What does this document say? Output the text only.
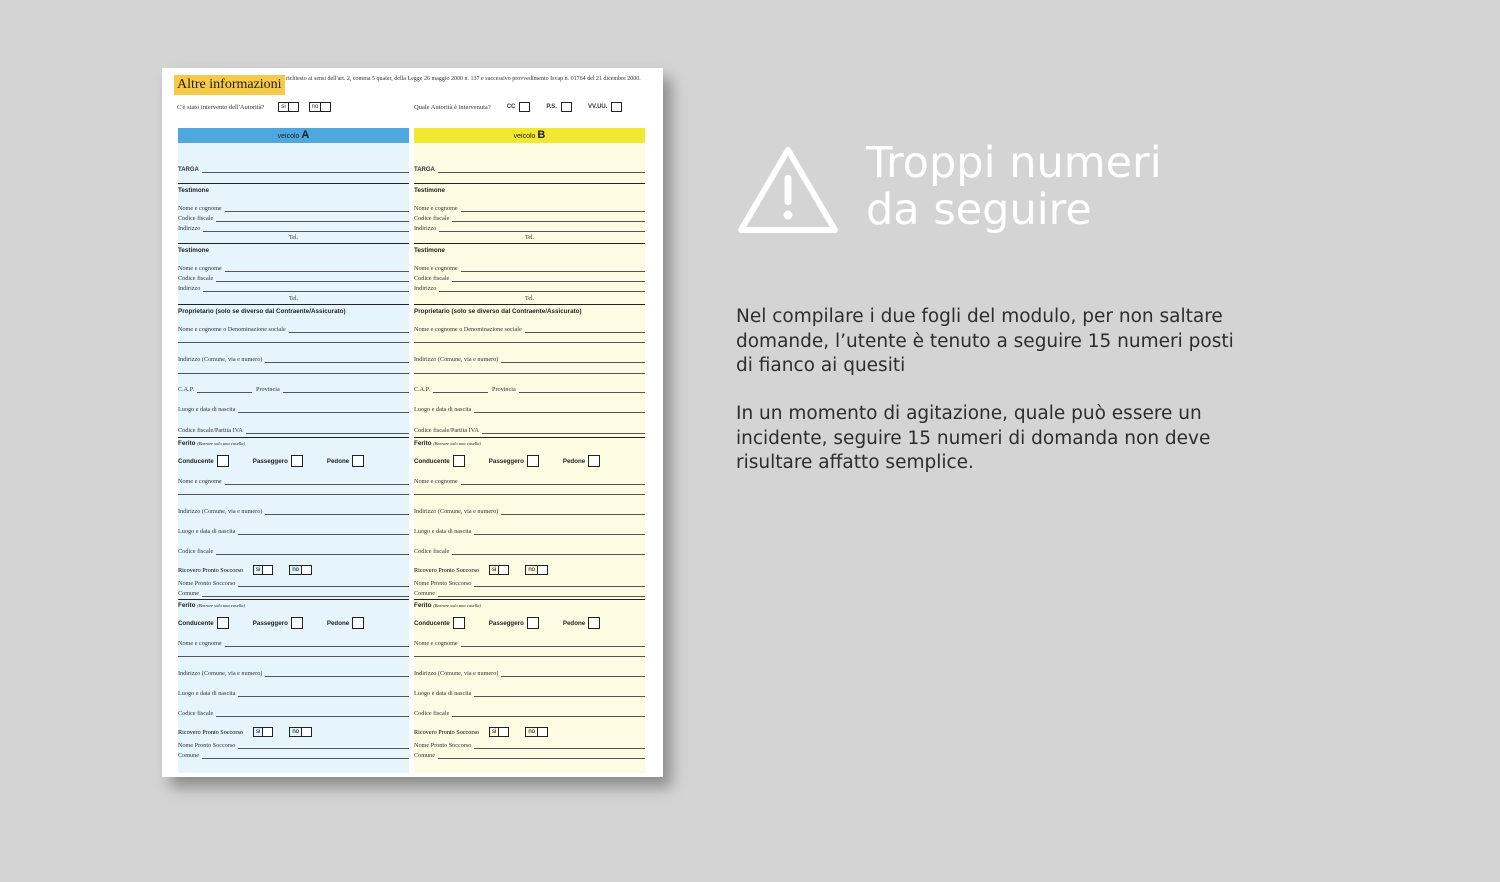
Altre informazioni richiesto ai sensi dell'art. 2, comma 5 quater, della Legge 26 maggio 2000 n. 137 e successivo provvedimento Isvap n. 01764 del 21 dicembre 2000.
C'è stato intervento dell'Autorità?	si	no	Quale Autorità è intervenuta?	CC	P.S.	VV.UU.
veicolo A
TARGA
Testimone
Nome e cognome
Codice fiscale
Indirizzo
Tel.
Testimone
Nome e cognome
Codice fiscale
Indirizzo
Tel.
Proprietario (solo se diverso dal Contraente/Assicurato)
Nome e cognome o Denominazione sociale
Indirizzo (Comune, via e numero)
C.A.P.	Provincia
Luogo e data di nascita
Codice fiscale/Partita IVA
Ferito (Barrare solo una casella)
Conducente	Passeggero	Pedone
Nome e cognome
Indirizzo (Comune, via e numero)
Luogo e data di nascita
Codice fiscale
Ricovero Pronto Soccorso si	no
Nome Pronto Soccorso
Comune
Ferito (Barrare solo una casella)
Conducente	Passeggero	Pedone
Nome e cognome
Indirizzo (Comune, via e numero)
Luogo e data di nascita
Codice fiscale
Ricovero Pronto Soccorso si	no
Nome Pronto Soccorso
Comune
veicolo B
TARGA
Testimone
Nome e cognome
Codice fiscale
Indirizzo
Tel.
Testimone
Nome e cognome
Codice fiscale
Indirizzo
Tel.
Proprietario (solo se diverso dal Contraente/Assicurato)
Nome e cognome o Denominazione sociale
Indirizzo (Comune, via e numero)
C.A.P.	Provincia
Luogo e data di nascita
Codice fiscale/Partita IVA
Ferito (Barrare solo una casella)
Conducente	Passeggero	Pedone
Nome e cognome
Indirizzo (Comune, via e numero)
Luogo e data di nascita
Codice fiscale
Ricovero Pronto Soccorso si	no
Nome Pronto Soccorso
Comune
Ferito (Barrare solo una casella)
Conducente	Passeggero	Pedone
Nome e cognome
Indirizzo (Comune, via e numero)
Luogo e data di nascita
Codice fiscale
Ricovero Pronto Soccorso si	no
Nome Pronto Soccorso
Comune
Troppi numeri
da seguire
Nel compilare i due fogli del modulo, per non saltare domande, l’utente è tenuto a seguire 15 numeri posti di fianco ai quesiti
In un momento di agitazione, quale può essere un incidente, seguire 15 numeri di domanda non deve risultare affatto semplice.
